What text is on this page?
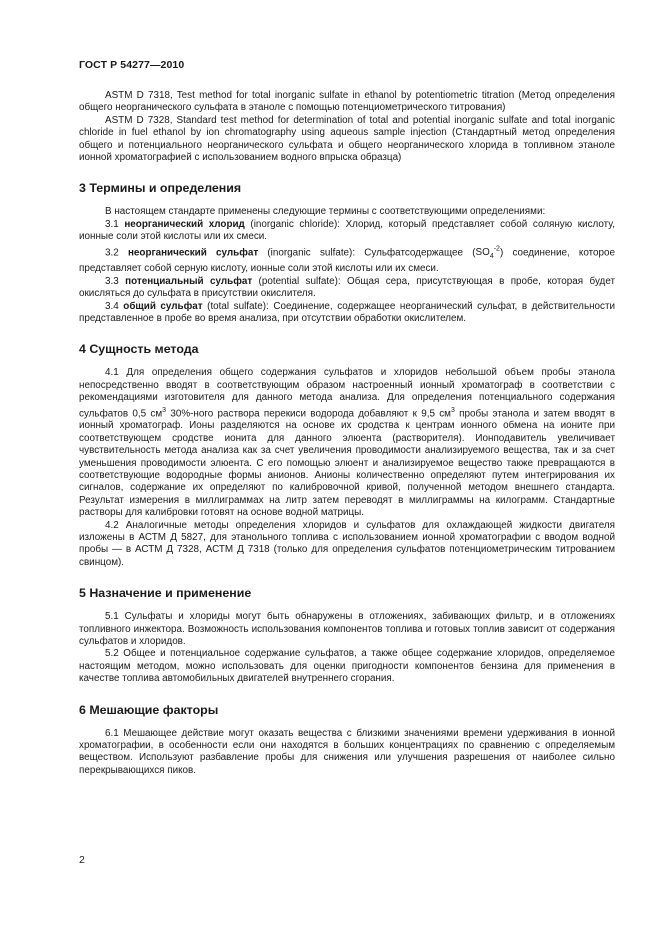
ГОСТ Р 54277—2010

ASTM D 7318, Test method for total inorganic sulfate in ethanol by potentiometric titration (Метод определения общего неорганического сульфата в этаноле с помощью потенциометрического титрования)

ASTM D 7328, Standard test method for determination of total and potential inorganic sulfate and total inorganic chloride in fuel ethanol by ion chromatography using aqueous sample injection (Стандартный метод определения общего и потенциального неорганического сульфата и общего неорганического хлорида в топливном этаноле ионной хроматографией с использованием водного впрыска образца)

3 Термины и определения

В настоящем стандарте применены следующие термины с соответствующими определениями:

3.1 неорганический хлорид (inorganic chloride): Хлорид, который представляет собой соляную кислоту, ионные соли этой кислоты или их смеси.

3.2 неорганический сульфат (inorganic sulfate): Сульфатсодержащее $(SO_4^{-2})$ соединение, которое представляет собой серную кислоту, ионные соли этой кислоты или их смеси.

3.3 потенциальный сульфат (potential sulfate): Общая сера, присутствующая в пробе, которая будет окисляться до сульфата в присутствии окислителя.

3.4 общий сульфат (total sulfate): Соединение, содержащее неорганический сульфат, в действительности представленное в пробе во время анализа, при отсутствии обработки окислителем.

4 Сущность метода

4.1 Для определения общего содержания сульфатов и хлоридов небольшой объем пробы этанола непосредственно вводят в соответствующим образом настроенный ионный хроматограф в соответствии с рекомендациями изготовителя для данного метода анализа. Для определения потенциального содержания сульфатов 0,5 $см^3$ 30%-ного раствора перекиси водорода добавляют к 9,5 $см^3$ пробы этанола и затем вводят в ионный хроматограф. Ионы разделяются на основе их сродства к центрам ионного обмена на ионите при соответствующем сродстве ионита для данного элюента (растворителя). Ионподавитель увеличивает чувствительность метода анализа как за счет увеличения проводимости анализируемого вещества, так и за счет уменьшения проводимости элюента. С его помощью элюент и анализируемое вещество также превращаются в соответствующие водородные формы анионов. Анионы количественно определяют путем интегрирования их сигналов, содержание их определяют по калибровочной кривой, полученной методом внешнего стандарта. Результат измерения в миллиграммах на литр затем переводят в миллиграммы на килограмм. Стандартные растворы для калибровки готовят на основе водной матрицы.

4.2 Аналогичные методы определения хлоридов и сульфатов для охлаждающей жидкости двигателя изложены в АСТМ Д 5827, для этанольного топлива с использованием ионной хроматографии с вводом водной пробы — в АСТМ Д 7328, АСТМ Д 7318 (только для определения сульфатов потенциометрическим титрованием свинцом).

5 Назначение и применение

5.1 Сульфаты и хлориды могут быть обнаружены в отложениях, забивающих фильтр, и в отложениях топливного инжектора. Возможность использования компонентов топлива и готовых топлив зависит от содержания сульфатов и хлоридов.

5.2 Общее и потенциальное содержание сульфатов, а также общее содержание хлоридов, определяемое настоящим методом, можно использовать для оценки пригодности компонентов бензина для применения в качестве топлива автомобильных двигателей внутреннего сгорания.

6 Мешающие факторы

6.1 Мешающее действие могут оказать вещества с близкими значениями времени удерживания в ионной хроматографии, в особенности если они находятся в больших концентрациях по сравнению с определяемым веществом. Используют разбавление пробы для снижения или улучшения разрешения от наиболее сильно перекрывающихся пиков.

2
